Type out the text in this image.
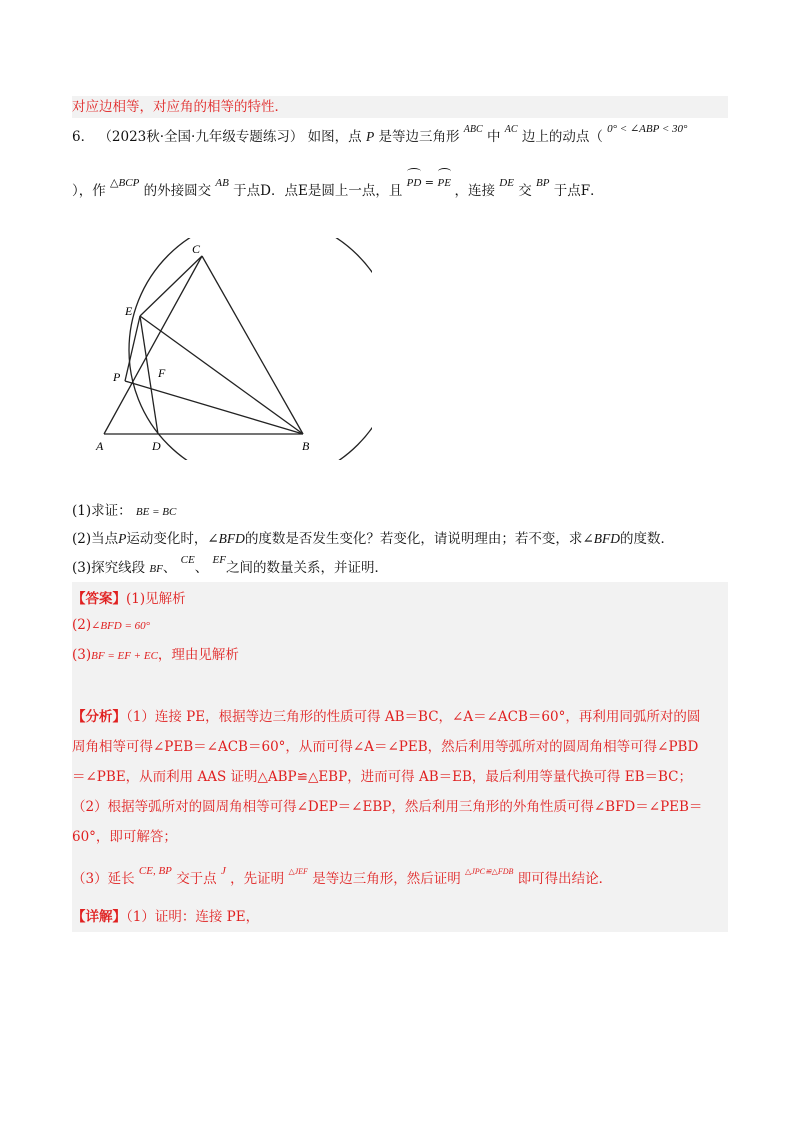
对应边相等，对应角的相等的特性．
6． （2023秋·全国·九年级专题练习） 如图，点 P 是等边三角形 $^{ABC}$ 中 $^{AC}$ 边上的动点（ $^{0^\circ < \angle ABP < 30^\circ}$
），作 $^{\triangle BCP}$ 的外接圆交 $^{AB}$ 于点D．点E是圆上一点，且 $^{PD = PE}$ ，连接 $^{DE}$ 交 $^{BP}$ 于点F．
C
E
P	F
A	D	B
(1)求证： BE = BC
(2)当点P运动变化时，∠BFD的度数是否发生变化？若变化，请说明理由；若不变，求∠BFD的度数．
(3)探究线段 BF、 $^{CE}$、 $^{EF}$之间的数量关系，并证明．
【答案】(1)见解析
(2)∠BFD = 60°
(3)BF = EF + EC，理由见解析
【分析】（1）连接 PE，根据等边三角形的性质可得 AB＝BC，∠A＝∠ACB＝60°，再利用同弧所对的圆
周角相等可得∠PEB＝∠ACB＝60°，从而可得∠A＝∠PEB，然后利用等弧所对的圆周角相等可得∠PBD
＝∠PBE，从而利用 AAS 证明△ABP≌△EBP，进而可得 AB＝EB，最后利用等量代换可得 EB＝BC；
（2）根据等弧所对的圆周角相等可得∠DEP＝∠EBP，然后利用三角形的外角性质可得∠BFD＝∠PEB＝
60°，即可解答；
（3）延长 $^{CE, BP}$ 交于点 $^J$ ，先证明 $^{\triangle JEF}$ 是等边三角形，然后证明 $^{\triangle JPC≌\triangle FDB}$ 即可得出结论．
【详解】（1）证明：连接 PE，
